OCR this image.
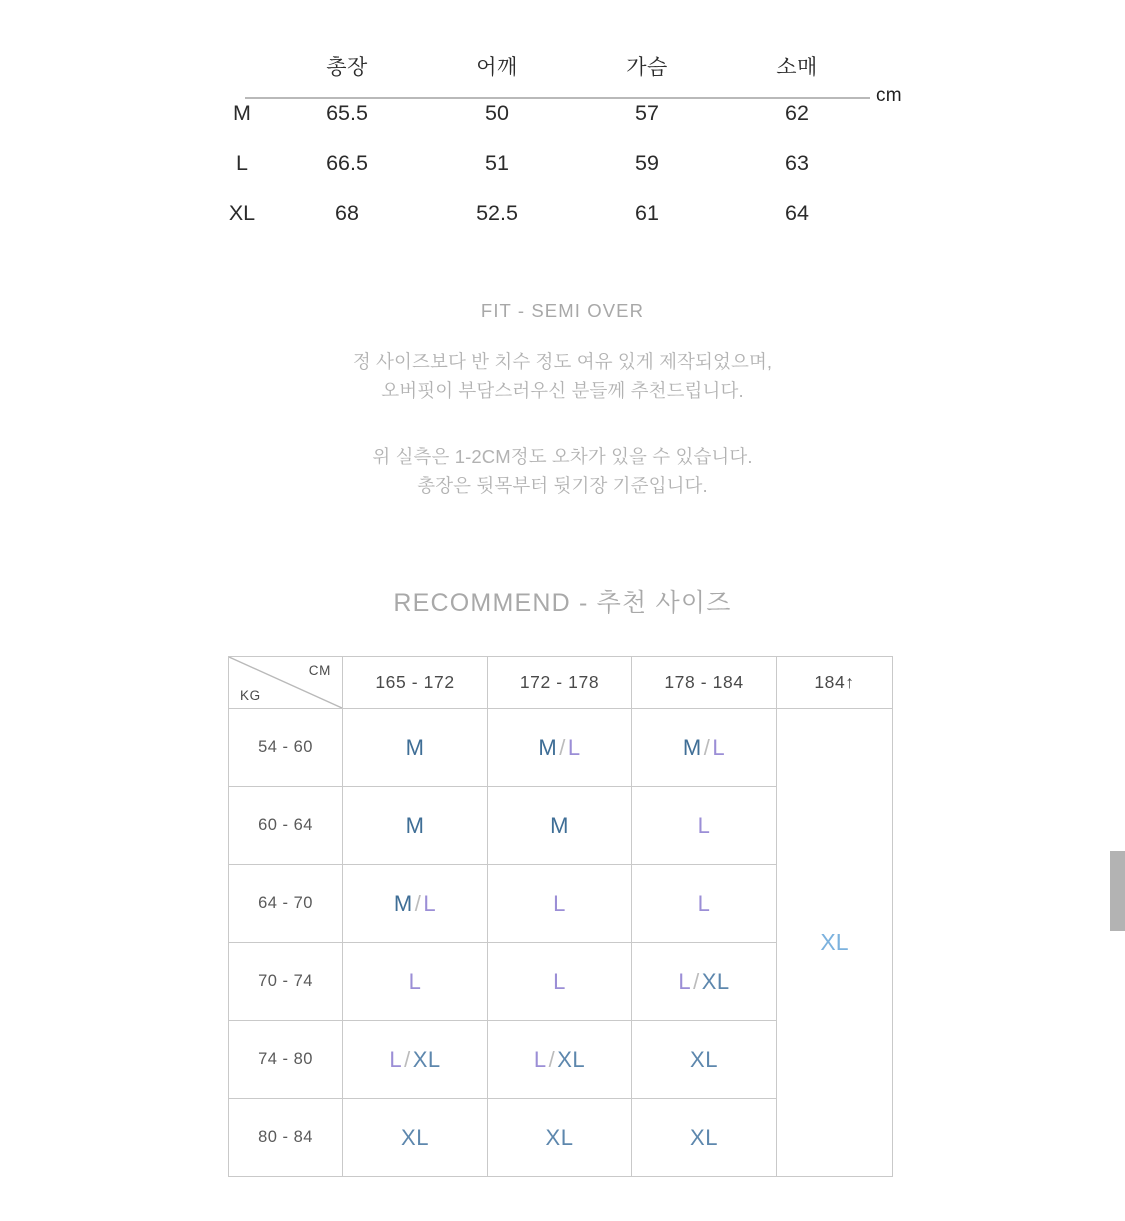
	총장	어깨	가슴	소매
M	65.5	50	57	62
L	66.5	51	59	63
XL	68	52.5	61	64
cm

FIT - SEMI OVER

정 사이즈보다 반 치수 정도 여유 있게 제작되었으며,
오버핏이 부담스러우신 분들께 추천드립니다.

위 실측은 1-2CM정도 오차가 있을 수 있습니다.
총장은 뒷목부터 뒷기장 기준입니다.

RECOMMEND - 추천 사이즈
CM
KG	165 - 172	172 - 178	178 - 184	184↑
54 - 60	M	M/L	M/L	XL
60 - 64	M	M	L	
64 - 70	M/L	L	L	
70 - 74	L	L	L/XL	
74 - 80	L/XL	L/XL	XL	
80 - 84	XL	XL	XL	
